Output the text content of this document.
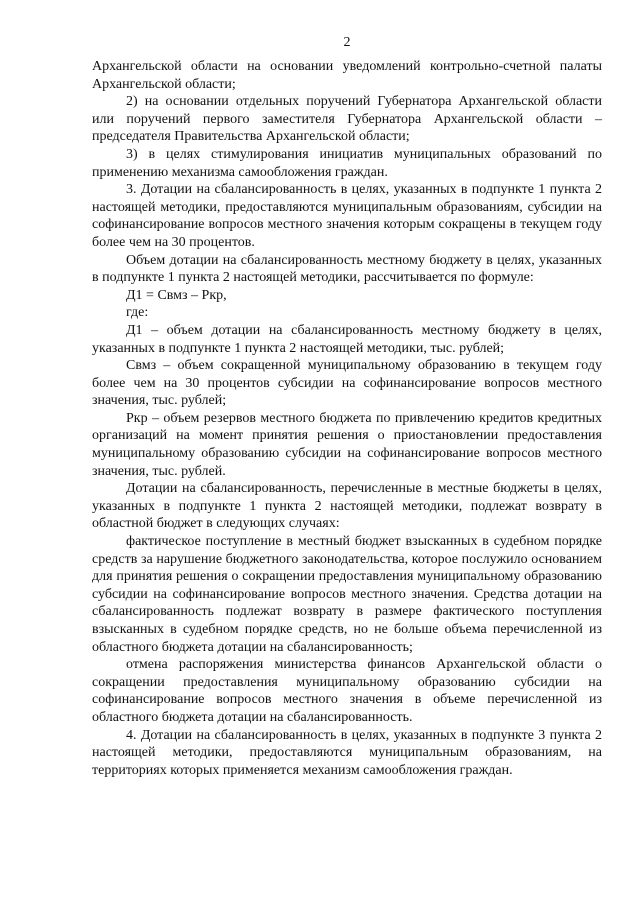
2

Архангельской области на основании уведомлений контрольно-счетной палаты Архангельской области;

2) на основании отдельных поручений Губернатора Архангельской области или поручений первого заместителя Губернатора Архангельской области – председателя Правительства Архангельской области;

3) в целях стимулирования инициатив муниципальных образований по применению механизма самообложения граждан.

3. Дотации на сбалансированность в целях, указанных в подпункте 1 пункта 2 настоящей методики, предоставляются муниципальным образованиям, субсидии на софинансирование вопросов местного значения которым сокращены в текущем году более чем на 30 процентов.

Объем дотации на сбалансированность местному бюджету в целях, указанных в подпункте 1 пункта 2 настоящей методики, рассчитывается по формуле:

Д1 = Свмз – Ркр,

где:

Д1 – объем дотации на сбалансированность местному бюджету в целях, указанных в подпункте 1 пункта 2 настоящей методики, тыс. рублей;

Свмз – объем сокращенной муниципальному образованию в текущем году более чем на 30 процентов субсидии на софинансирование вопросов местного значения, тыс. рублей;

Ркр – объем резервов местного бюджета по привлечению кредитов кредитных организаций на момент принятия решения о приостановлении предоставления муниципальному образованию субсидии на софинансирование вопросов местного значения, тыс. рублей.

Дотации на сбалансированность, перечисленные в местные бюджеты в целях, указанных в подпункте 1 пункта 2 настоящей методики, подлежат возврату в областной бюджет в следующих случаях:

фактическое поступление в местный бюджет взысканных в судебном порядке средств за нарушение бюджетного законодательства, которое послужило основанием для принятия решения о сокращении предоставления муниципальному образованию субсидии на софинансирование вопросов местного значения. Средства дотации на сбалансированность подлежат возврату в размере фактического поступления взысканных в судебном порядке средств, но не больше объема перечисленной из областного бюджета дотации на сбалансированность;

отмена распоряжения министерства финансов Архангельской области о сокращении предоставления муниципальному образованию субсидии на софинансирование вопросов местного значения в объеме перечисленной из областного бюджета дотации на сбалансированность.

4. Дотации на сбалансированность в целях, указанных в подпункте 3 пункта 2 настоящей методики, предоставляются муниципальным образованиям, на территориях которых применяется механизм самообложения граждан.
